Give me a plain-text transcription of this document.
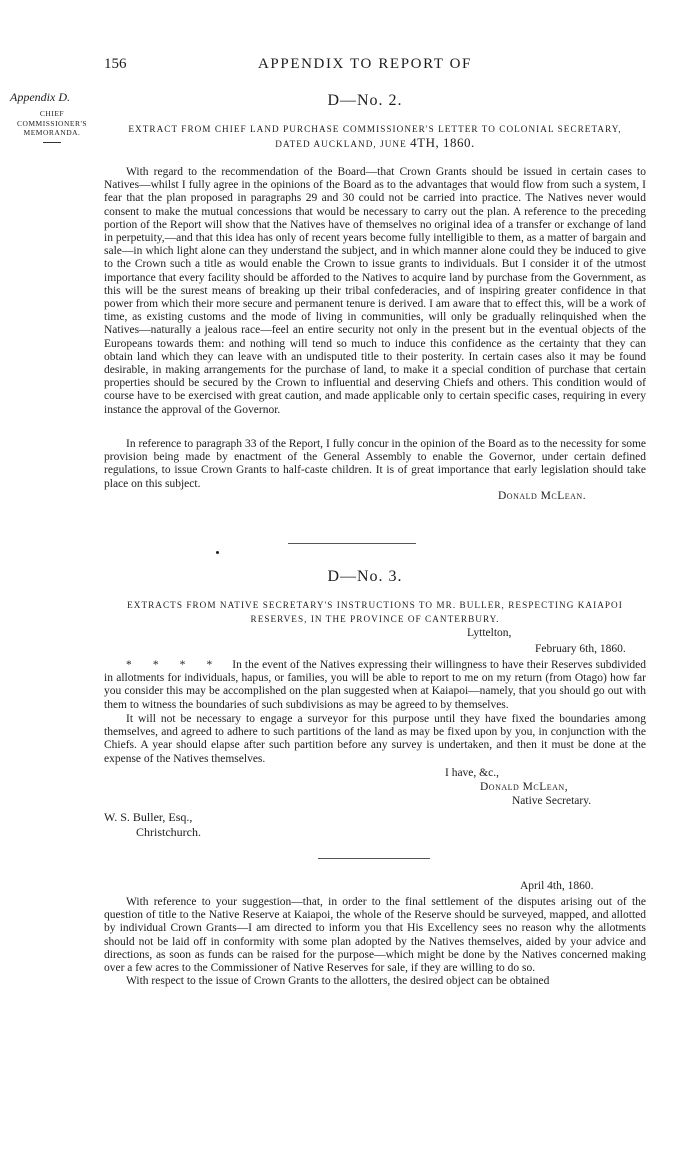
156	APPENDIX TO REPORT OF
Appendix D.
CHIEF
COMMISSIONER'S
MEMORANDA.
D—No. 2.
EXTRACT FROM CHIEF LAND PURCHASE COMMISSIONER'S LETTER TO COLONIAL SECRETARY,
DATED AUCKLAND, JUNE 4TH, 1860.

With regard to the recommendation of the Board—that Crown Grants should be issued in certain cases to Natives—whilst I fully agree in the opinions of the Board as to the advantages that would flow from such a system, I fear that the plan proposed in paragraphs 29 and 30 could not be carried into practice. The Natives never would consent to make the mutual concessions that would be necessary to carry out the plan. A reference to the preceding portion of the Report will show that the Natives have of themselves no original idea of a transfer or exchange of land in perpetuity,—and that this idea has only of recent years become fully intelligible to them, as a matter of bargain and sale—in which light alone can they understand the subject, and in which manner alone could they be induced to give to the Crown such a title as would enable the Crown to issue grants to individuals. But I consider it of the utmost importance that every facility should be afforded to the Natives to acquire land by purchase from the Government, as this will be the surest means of breaking up their tribal confederacies, and of inspiring greater confidence in that power from which their more secure and permanent tenure is derived. I am aware that to effect this, will be a work of time, as existing customs and the mode of living in communities, will only be gradually relinquished when the Natives—naturally a jealous race—feel an entire security not only in the present but in the eventual objects of the Europeans towards them: and nothing will tend so much to induce this confidence as the certainty that they can obtain land which they can leave with an undisputed title to their posterity. In certain cases also it may be found desirable, in making arrangements for the purchase of land, to make it a special condition of purchase that certain properties should be secured by the Crown to influential and deserving Chiefs and others. This condition would of course have to be exercised with great caution, and made applicable only to certain specific cases, requiring in every instance the approval of the Governor.

In reference to paragraph 33 of the Report, I fully concur in the opinion of the Board as to the necessity for some provision being made by enactment of the General Assembly to enable the Governor, under certain defined regulations, to issue Crown Grants to half-caste children. It is of great importance that early legislation should take place on this subject.

Donald McLean.
D—No. 3.
EXTRACTS FROM NATIVE SECRETARY'S INSTRUCTIONS TO MR. BULLER, RESPECTING KAIAPOI
RESERVES, IN THE PROVINCE OF CANTERBURY.
Lyttelton,
February 6th, 1860.

* * * * In the event of the Natives expressing their willingness to have their Reserves subdivided in allotments for individuals, hapus, or families, you will be able to report to me on my return (from Otago) how far you consider this may be accomplished on the plan suggested when at Kaiapoi—namely, that you should go out with them to witness the boundaries of such subdivisions as may be agreed to by themselves.

It will not be necessary to engage a surveyor for this purpose until they have fixed the boundaries among themselves, and agreed to adhere to such partitions of the land as may be fixed upon by you, in conjunction with the Chiefs. A year should elapse after such partition before any survey is undertaken, and then it must be done at the expense of the Natives themselves.

I have, &c.,
Donald McLean,
Native Secretary.
W. S. Buller, Esq.,
Christchurch.
April 4th, 1860.

With reference to your suggestion—that, in order to the final settlement of the disputes arising out of the question of title to the Native Reserve at Kaiapoi, the whole of the Reserve should be surveyed, mapped, and allotted by individual Crown Grants—I am directed to inform you that His Excellency sees no reason why the allotments should not be laid off in conformity with some plan adopted by the Natives themselves, aided by your advice and directions, as soon as funds can be raised for the purpose—which might be done by the Natives concerned making over a few acres to the Commissioner of Native Reserves for sale, if they are willing to do so.

With respect to the issue of Crown Grants to the allotters, the desired object can be obtained
